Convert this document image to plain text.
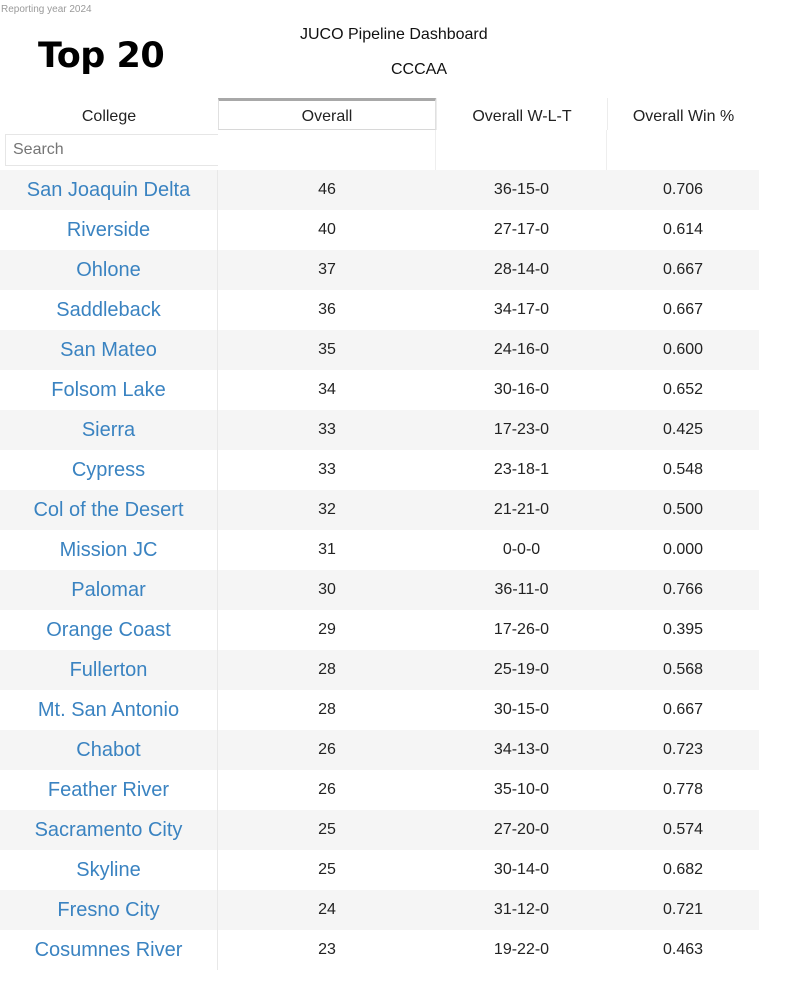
Reporting year 2024
Top 20
JUCO Pipeline Dashboard
CCCAA
College	Overall	Overall W-L-T	Overall Win %
Search
San Joaquin Delta	46	36-15-0	0.706
Riverside	40	27-17-0	0.614
Ohlone	37	28-14-0	0.667
Saddleback	36	34-17-0	0.667
San Mateo	35	24-16-0	0.600
Folsom Lake	34	30-16-0	0.652
Sierra	33	17-23-0	0.425
Cypress	33	23-18-1	0.548
Col of the Desert	32	21-21-0	0.500
Mission JC	31	0-0-0	0.000
Palomar	30	36-11-0	0.766
Orange Coast	29	17-26-0	0.395
Fullerton	28	25-19-0	0.568
Mt. San Antonio	28	30-15-0	0.667
Chabot	26	34-13-0	0.723
Feather River	26	35-10-0	0.778
Sacramento City	25	27-20-0	0.574
Skyline	25	30-14-0	0.682
Fresno City	24	31-12-0	0.721
Cosumnes River	23	19-22-0	0.463
